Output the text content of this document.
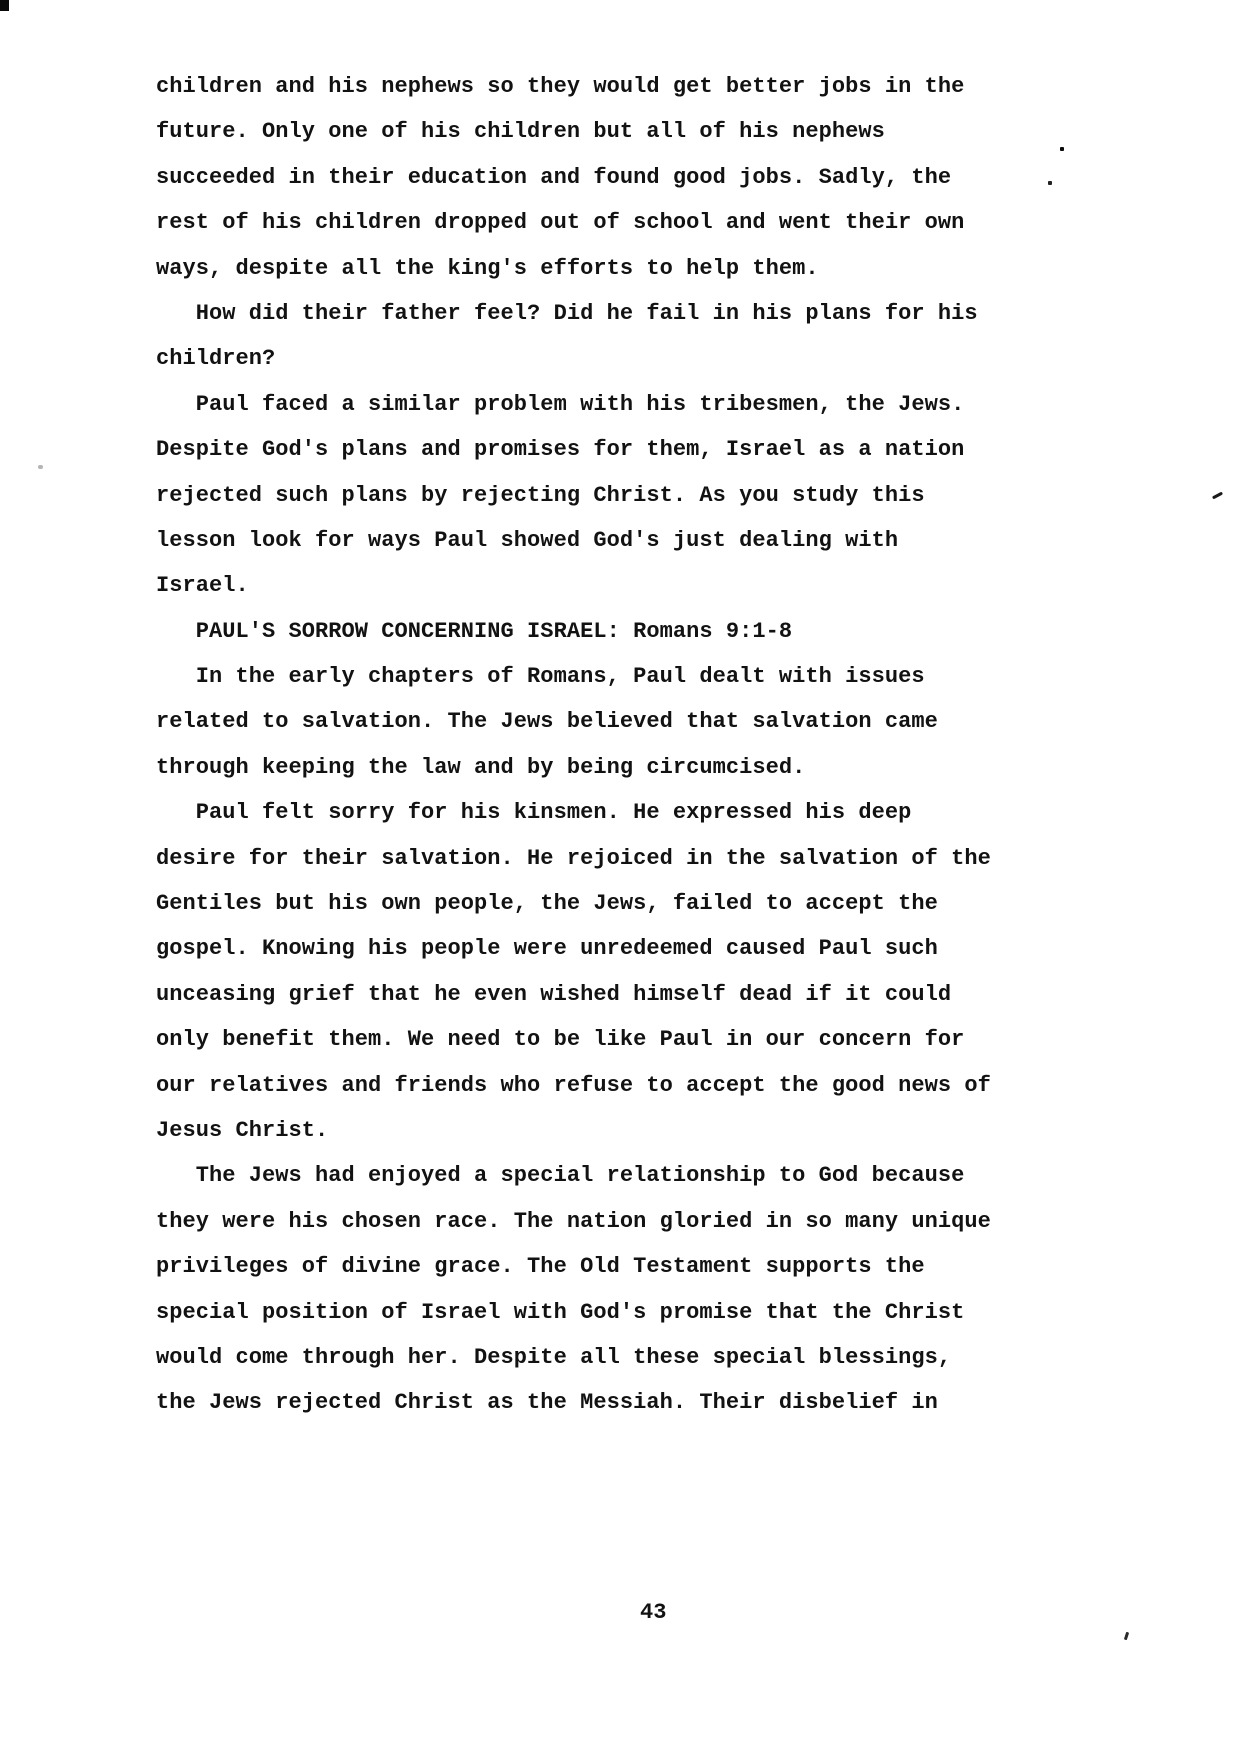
children and his nephews so they would get better jobs in the
future. Only one of his children but all of his nephews
succeeded in their education and found good jobs. Sadly, the
rest of his children dropped out of school and went their own
ways, despite all the king's efforts to help them.
How did their father feel? Did he fail in his plans for his
children?
Paul faced a similar problem with his tribesmen, the Jews.
Despite God's plans and promises for them, Israel as a nation
rejected such plans by rejecting Christ. As you study this
lesson look for ways Paul showed God's just dealing with
Israel.
PAUL'S SORROW CONCERNING ISRAEL: Romans 9:1-8
In the early chapters of Romans, Paul dealt with issues
related to salvation. The Jews believed that salvation came
through keeping the law and by being circumcised.
Paul felt sorry for his kinsmen. He expressed his deep
desire for their salvation. He rejoiced in the salvation of the
Gentiles but his own people, the Jews, failed to accept the
gospel. Knowing his people were unredeemed caused Paul such
unceasing grief that he even wished himself dead if it could
only benefit them. We need to be like Paul in our concern for
our relatives and friends who refuse to accept the good news of
Jesus Christ.
The Jews had enjoyed a special relationship to God because
they were his chosen race. The nation gloried in so many unique
privileges of divine grace. The Old Testament supports the
special position of Israel with God's promise that the Christ
would come through her. Despite all these special blessings,
the Jews rejected Christ as the Messiah. Their disbelief in
43
